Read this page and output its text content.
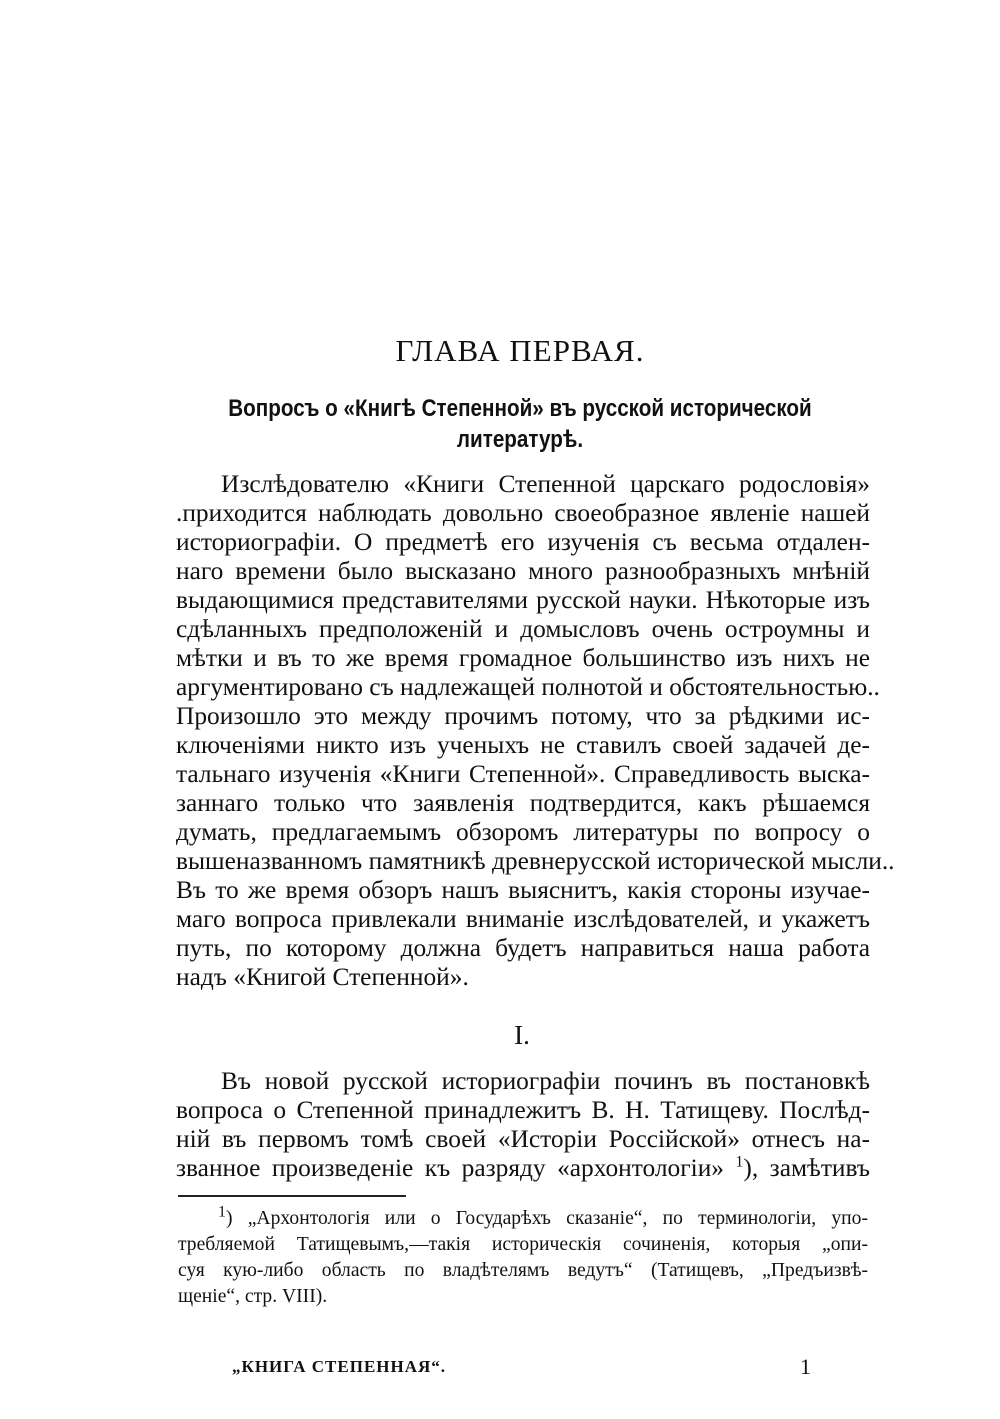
ГЛАВА ПЕРВАЯ.
Вопросъ о «Книгѣ Степенной» въ русской исторической
литературѣ.
Изслѣдователю «Книги Степенной царскаго родословія»
.приходится наблюдать довольно своеобразное явленіе нашей
историографіи. О предметѣ его изученія съ весьма отдален-
наго времени было высказано много разнообразныхъ мнѣній
выдающимися представителями русской науки. Нѣкоторые изъ
сдѣланныхъ предположеній и домысловъ очень остроумны и
мѣтки и въ то же время громадное большинство изъ нихъ не
аргументировано съ надлежащей полнотой и обстоятельностью..
Произошло это между прочимъ потому, что за рѣдкими ис-
ключеніями никто изъ ученыхъ не ставилъ своей задачей де-
тальнаго изученія «Книги Степенной». Справедливость выска-
заннаго только что заявленія подтвердится, какъ рѣшаемся
думать, предлагаемымъ обзоромъ литературы по вопросу о
вышеназванномъ памятникѣ древнерусской исторической мысли..
Въ то же время обзоръ нашъ выяснитъ, какія стороны изучае-
маго вопроса привлекали вниманіе изслѣдователей, и укажетъ
путь, по которому должна будетъ направиться наша работа
надъ «Книгой Степенной».
I.
Въ новой русской историографіи починъ въ постановкѣ
вопроса о Степенной принадлежитъ В. Н. Татищеву. Послѣд-
ній въ первомъ томѣ своей «Исторіи Россійской» отнесъ на-
званное произведеніе къ разряду «архонтологіи» $^1$), замѣтивъ
$^1$) „Архонтологія или о Государѣхъ сказаніе“, по терминологіи, упо-
требляемой Татищевымъ,—такія историческія сочиненія, которыя „опи-
суя кую-либо область по владѣтелямъ ведутъ“ (Татищевъ, „Предъизвѣ-
щеніе“, стр. VIII).
„КНИГА СТЕПЕННАЯ“.	1
